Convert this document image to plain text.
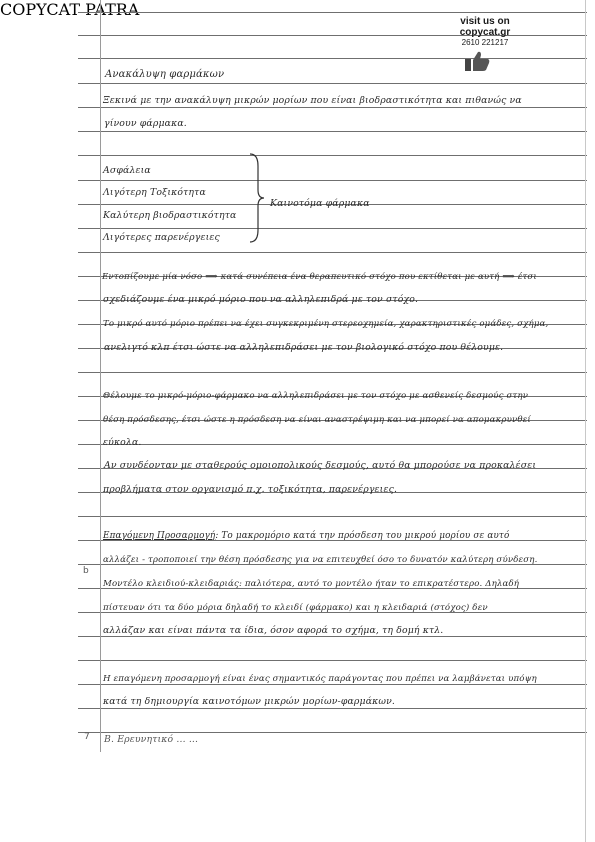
visit us on
copycat.gr
2610 221217
COPYCAT PATRA
Ανακάλυψη φαρμάκων
Ξεκινά με την ανακάλυψη μικρών μορίων που είναι βιοδραστικότητα και πιθανώς να
γίνουν φάρμακα.
Ασφάλεια
Λιγότερη Τοξικότητα
Καλύτερη βιοδραστικότητα
Λιγότερες παρενέργειες
Καινοτόμα φάρμακα
Εντοπίζουμε μία νόσο ⟹ κατά συνέπεια ένα θεραπευτικό στόχο που εκτίθεται με αυτή ⟹ έτσι
σχεδιάζουμε ένα μικρό μόριο που να αλληλεπιδρά με τον στόχο.
Το μικρό αυτό μόριο πρέπει να έχει συγκεκριμένη στερεοχημεία, χαρακτηριστικές ομάδες, σχήμα,
ανελιγτό κλπ έτσι ώστε να αλληλεπιδράσει με τον βιολογικό στόχο που θέλουμε.
Θέλουμε το μικρό-μόριο-φάρμακο να αλληλεπιδράσει με τον στόχο με ασθενείς δεσμούς στην
θέση πρόσδεσης, έτσι ώστε η πρόσδεση να είναι αναστρέψιμη και να μπορεί να απομακρυνθεί
εύκολα.
Αν συνδέονταν με σταθερούς ομοιοπολικούς δεσμούς, αυτό θα μπορούσε να προκαλέσει
προβλήματα στον οργανισμό π.χ. τοξικότητα, παρενέργειες.
Επαγόμενη Προσαρμογή: Το μακρομόριο κατά την πρόσδεση του μικρού μορίου σε αυτό
αλλάζει - τροποποιεί την θέση πρόσδεσης για να επιτευχθεί όσο το δυνατόν καλύτερη σύνδεση.
Μοντέλο κλειδιού-κλειδαριάς: παλιότερα, αυτό το μοντέλο ήταν το επικρατέστερο. Δηλαδή
πίστευαν ότι τα δύο μόρια δηλαδή το κλειδί (φάρμακο) και η κλειδαριά (στόχος) δεν
αλλάζαν και είναι πάντα τα ίδια, όσον αφορά το σχήμα, τη δομή κτλ.
Η επαγόμενη προσαρμογή είναι ένας σημαντικός παράγοντας που πρέπει να λαμβάνεται υπόψη
κατά τη δημιουργία καινοτόμων μικρών μορίων-φαρμάκων.
Β. Ερευνητικό ... ...
b
7
